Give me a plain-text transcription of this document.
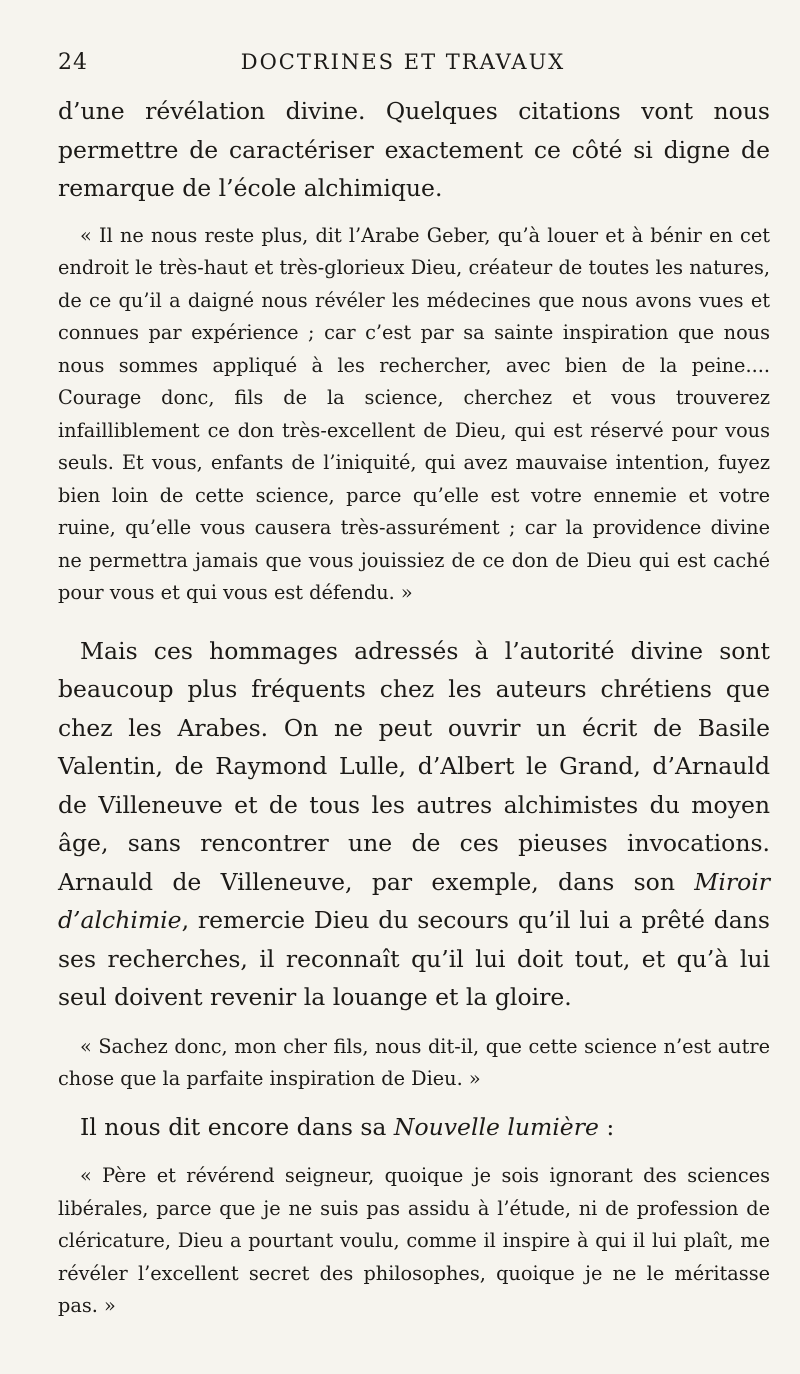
24	DOCTRINES ET TRAVAUX

d’une révélation divine. Quelques citations vont nous permettre de caractériser exactement ce côté si digne de remarque de l’école alchimique.

« Il ne nous reste plus, dit l’Arabe Geber, qu’à louer et à bénir en cet endroit le très-haut et très-glorieux Dieu, créateur de toutes les natures, de ce qu’il a daigné nous révéler les médecines que nous avons vues et connues par expérience ; car c’est par sa sainte inspiration que nous nous sommes appliqué à les rechercher, avec bien de la peine.... Courage donc, fils de la science, cherchez et vous trouverez infailliblement ce don très-excellent de Dieu, qui est réservé pour vous seuls. Et vous, enfants de l’iniquité, qui avez mauvaise intention, fuyez bien loin de cette science, parce qu’elle est votre ennemie et votre ruine, qu’elle vous causera très-assurément ; car la providence divine ne permettra jamais que vous jouissiez de ce don de Dieu qui est caché pour vous et qui vous est défendu. »

Mais ces hommages adressés à l’autorité divine sont beaucoup plus fréquents chez les auteurs chrétiens que chez les Arabes. On ne peut ouvrir un écrit de Basile Valentin, de Raymond Lulle, d’Albert le Grand, d’Arnauld de Villeneuve et de tous les autres alchimistes du moyen âge, sans rencontrer une de ces pieuses invocations. Arnauld de Villeneuve, par exemple, dans son Miroir d’alchimie, remercie Dieu du secours qu’il lui a prêté dans ses recherches, il reconnaît qu’il lui doit tout, et qu’à lui seul doivent revenir la louange et la gloire.

« Sachez donc, mon cher fils, nous dit-il, que cette science n’est autre chose que la parfaite inspiration de Dieu. »

Il nous dit encore dans sa Nouvelle lumière :

« Père et révérend seigneur, quoique je sois ignorant des sciences libérales, parce que je ne suis pas assidu à l’étude, ni de profession de cléricature, Dieu a pourtant voulu, comme il inspire à qui il lui plaît, me révéler l’excellent secret des philosophes, quoique je ne le méritasse pas. »
